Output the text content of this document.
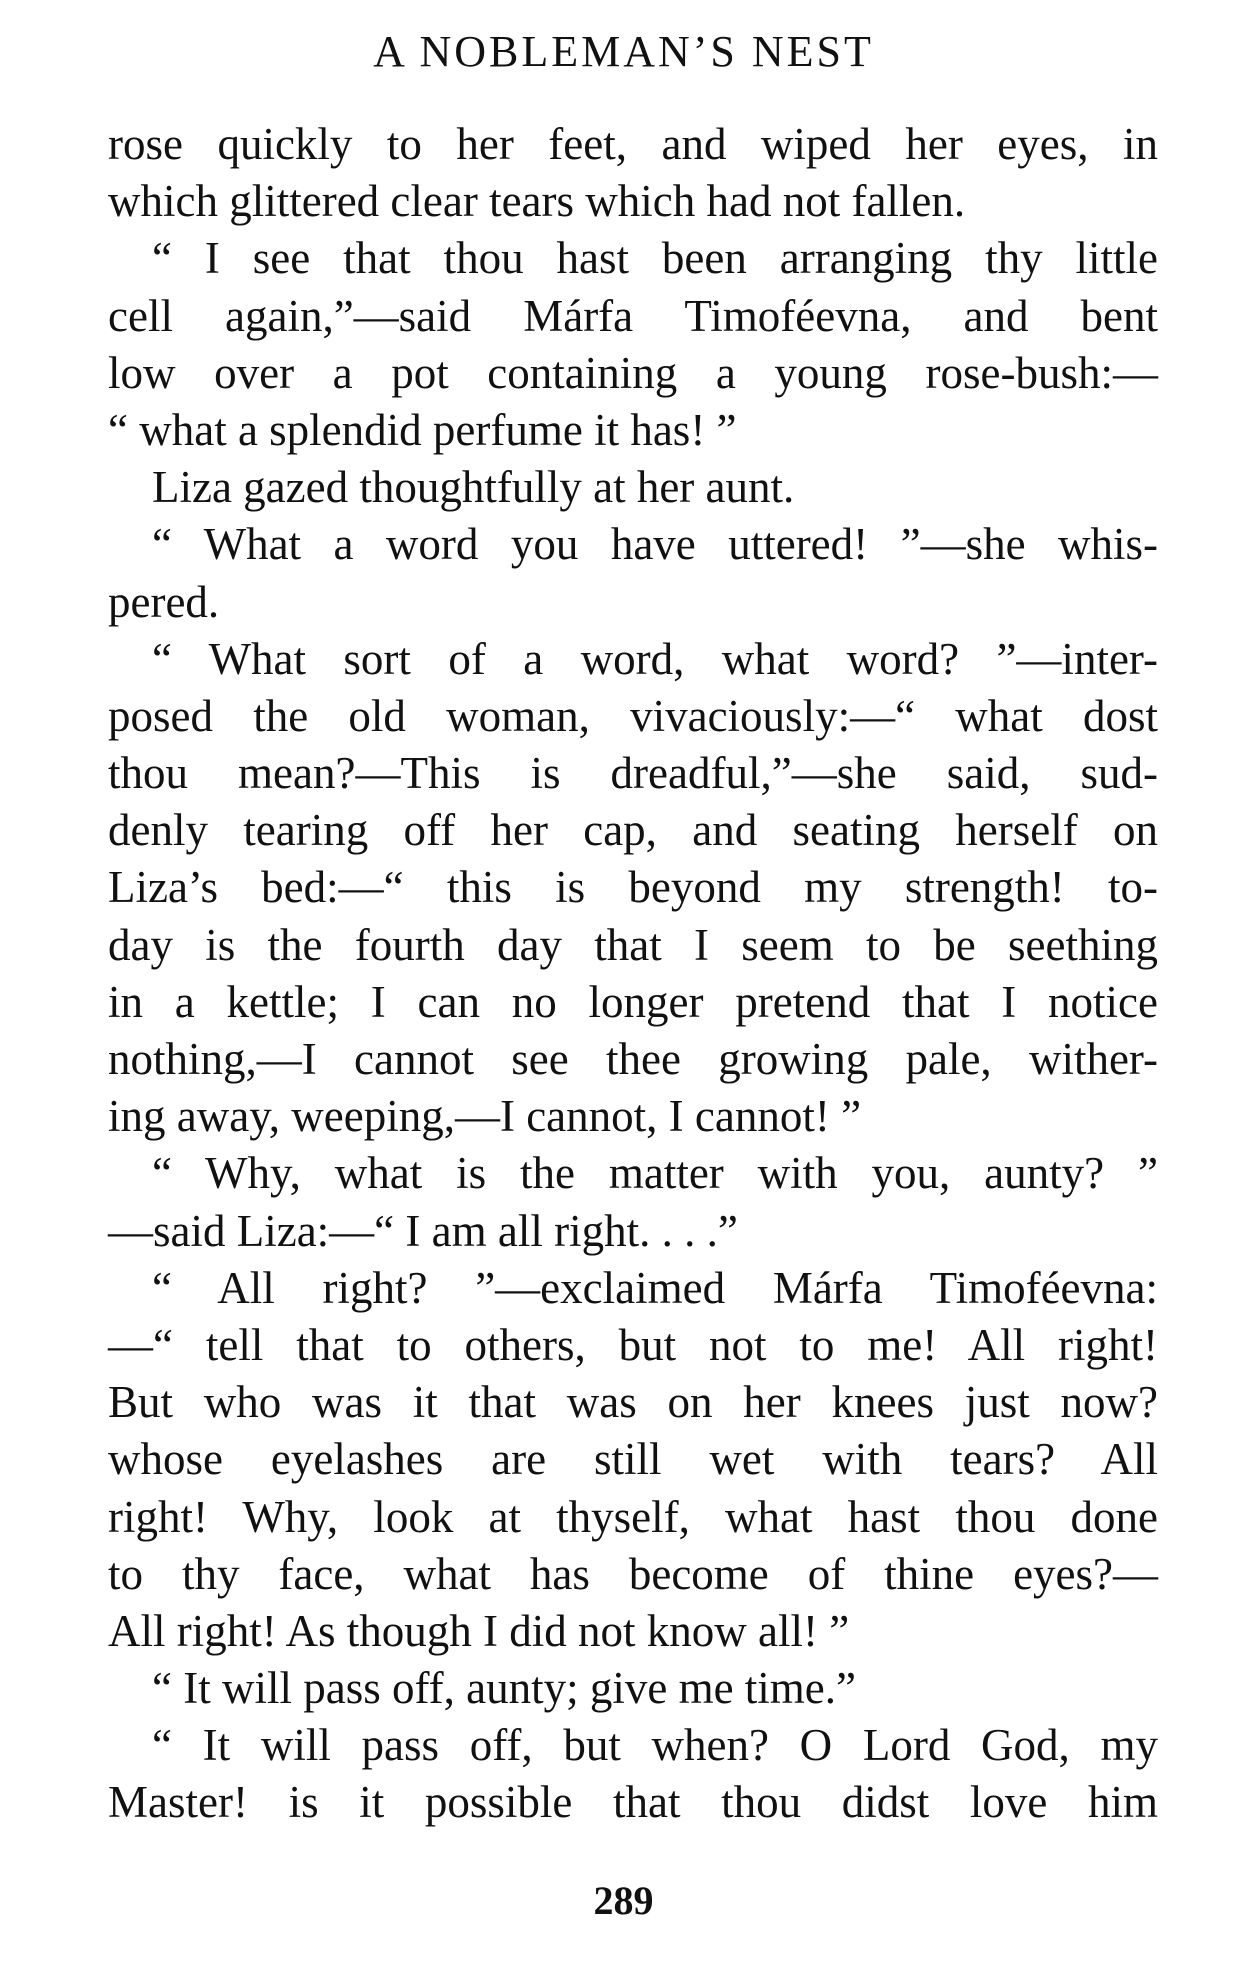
A NOBLEMAN’S NEST
rose quickly to her feet, and wiped her eyes, in
which glittered clear tears which had not fallen.
“ I see that thou hast been arranging thy little
cell again,”—said Márfa Timoféevna, and bent
low over a pot containing a young rose-bush:—
“ what a splendid perfume it has! ”
Liza gazed thoughtfully at her aunt.
“ What a word you have uttered! ”—she whis-
pered.
“ What sort of a word, what word? ”—inter-
posed the old woman, vivaciously:—“ what dost
thou mean?—This is dreadful,”—she said, sud-
denly tearing off her cap, and seating herself on
Liza’s bed:—“ this is beyond my strength! to-
day is the fourth day that I seem to be seething
in a kettle; I can no longer pretend that I notice
nothing,—I cannot see thee growing pale, wither-
ing away, weeping,—I cannot, I cannot! ”
“ Why, what is the matter with you, aunty? ”
—said Liza:—“ I am all right. . . .”
“ All right? ”—exclaimed Márfa Timoféevna:
—“ tell that to others, but not to me! All right!
But who was it that was on her knees just now?
whose eyelashes are still wet with tears? All
right! Why, look at thyself, what hast thou done
to thy face, what has become of thine eyes?—
All right! As though I did not know all! ”
“ It will pass off, aunty; give me time.”
“ It will pass off, but when? O Lord God, my
Master! is it possible that thou didst love him
289
